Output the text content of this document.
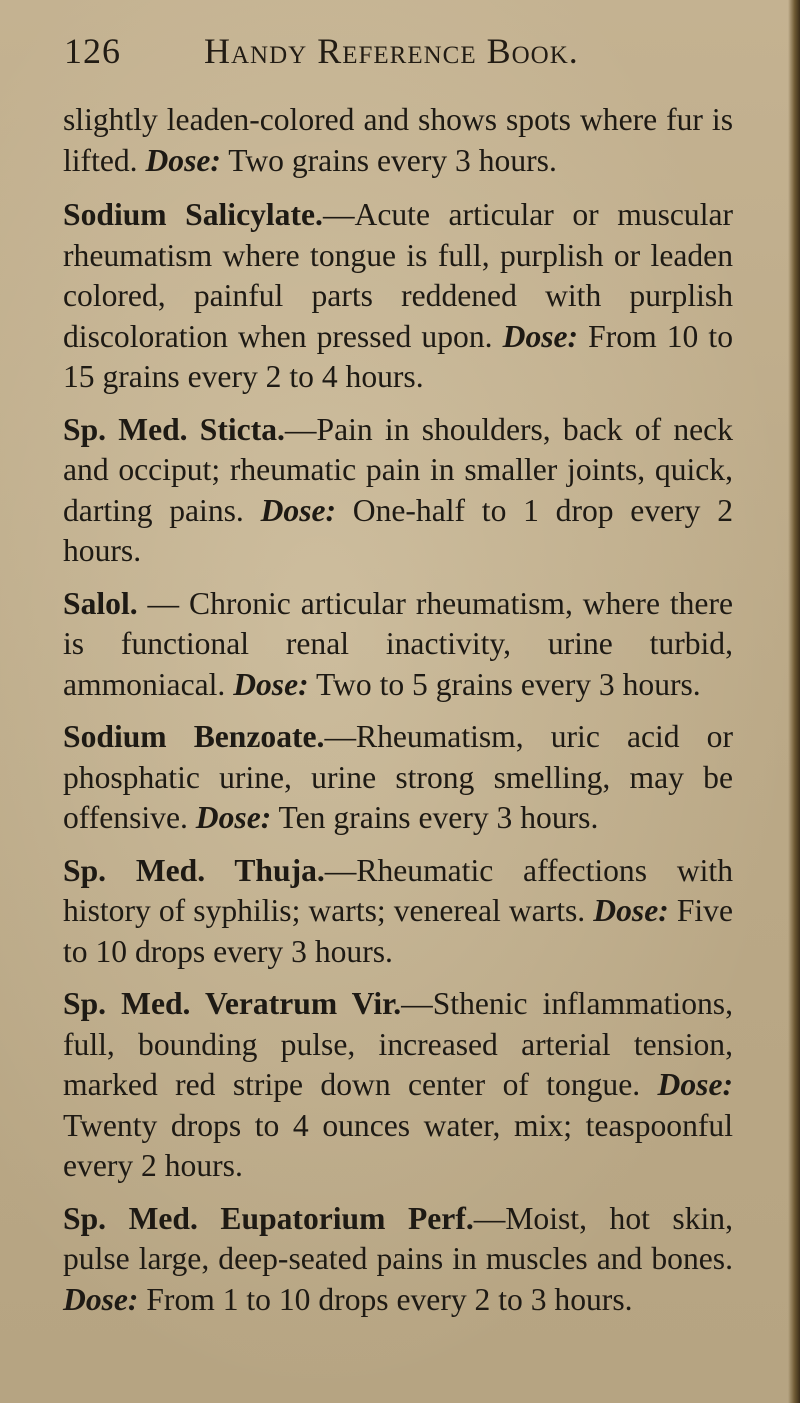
126 Handy Reference Book.

slightly leaden-colored and shows spots where fur is lifted. Dose: Two grains every 3 hours.

Sodium Salicylate.—Acute articular or muscular rheumatism where tongue is full, purplish or leaden colored, painful parts reddened with purplish discoloration when pressed upon. Dose: From 10 to 15 grains every 2 to 4 hours.

Sp. Med. Sticta.—Pain in shoulders, back of neck and occiput; rheumatic pain in smaller joints, quick, darting pains. Dose: One-half to 1 drop every 2 hours.

Salol. — Chronic articular rheumatism, where there is functional renal inactivity, urine turbid, ammoniacal. Dose: Two to 5 grains every 3 hours.

Sodium Benzoate.—Rheumatism, uric acid or phosphatic urine, urine strong smelling, may be offensive. Dose: Ten grains every 3 hours.

Sp. Med. Thuja.—Rheumatic affections with history of syphilis; warts; venereal warts. Dose: Five to 10 drops every 3 hours.

Sp. Med. Veratrum Vir.—Sthenic inflammations, full, bounding pulse, increased arterial tension, marked red stripe down center of tongue. Dose: Twenty drops to 4 ounces water, mix; teaspoonful every 2 hours.

Sp. Med. Eupatorium Perf.—Moist, hot skin, pulse large, deep-seated pains in muscles and bones. Dose: From 1 to 10 drops every 2 to 3 hours.
